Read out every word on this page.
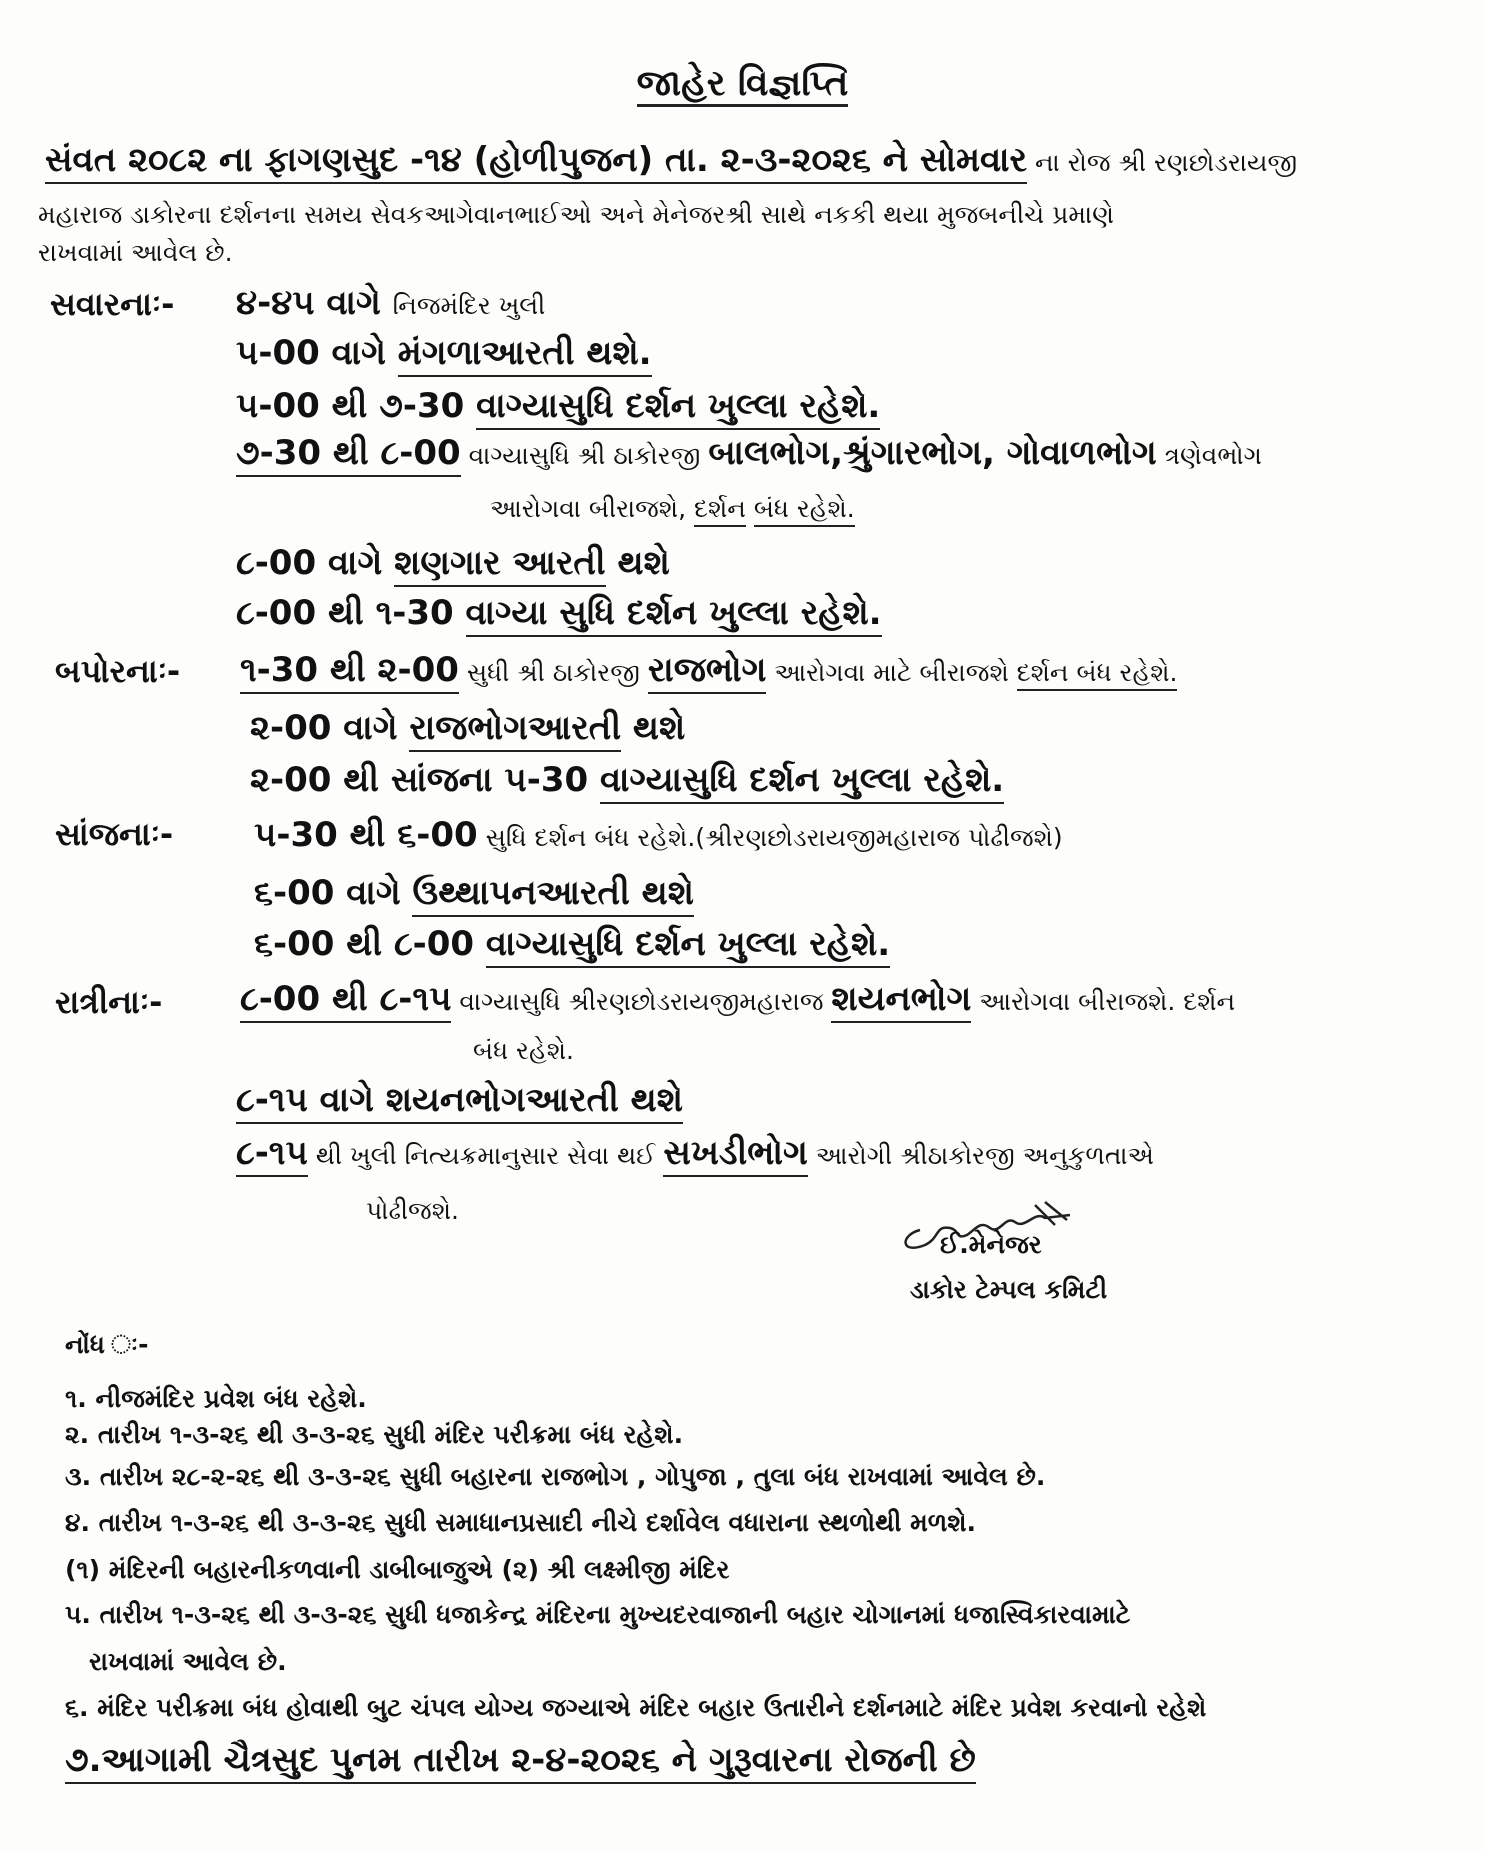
જાહેર વિજ્ઞપ્તિ
સંવત ૨૦૮૨ ના ફાગણસુદ -૧૪ (હોળીપુજન) તા. ૨-૩-૨૦૨૬ ને સોમવાર ના રોજ શ્રી રણછોડરાયજી
મહારાજ ડાકોરના દર્શનના સમય સેવકઆગેવાનભાઈઓ અને મેનેજરશ્રી સાથે નકકી થયા મુજબનીચે પ્રમાણે
રાખવામાં આવેલ છે.
સવારનાઃ-
બપોરનાઃ-
સાંજનાઃ-
રાત્રીનાઃ-
૪-૪૫ વાગે નિજમંદિર ખુલી
૫-00 વાગે મંગળાઆરતી થશે.
૫-00 થી ૭-30 વાગ્યાસુધિ દર્શન ખુલ્લા રહેશે.
૭-30 થી ૮-00 વાગ્યાસુધિ શ્રી ઠાકોરજી બાલભોગ,શ્રુંગારભોગ, ગોવાળભોગ ત્રણેવભોગ
આરોગવા બીરાજશે, દર્શન બંધ રહેશે.
૮-00 વાગે શણગાર આરતી થશે
૮-00 થી ૧-30 વાગ્યા સુધિ દર્શન ખુલ્લા રહેશે.
૧-30 થી ૨-00 સુધી શ્રી ઠાકોરજી રાજભોગ આરોગવા માટે બીરાજશે દર્શન બંધ રહેશે.
૨-00 વાગે રાજભોગઆરતી થશે
૨-00 થી સાંજના ૫-30 વાગ્યાસુધિ દર્શન ખુલ્લા રહેશે.
૫-30 થી ૬-00 સુધિ દર્શન બંધ રહેશે.(શ્રીરણછોડરાયજીમહારાજ પોઢીજશે)
૬-00 વાગે ઉથ્થાપનઆરતી થશે
૬-00 થી ૮-00 વાગ્યાસુધિ દર્શન ખુલ્લા રહેશે.
૮-00 થી ૮-૧૫ વાગ્યાસુધિ શ્રીરણછોડરાયજીમહારાજ શયનભોગ આરોગવા બીરાજશે. દર્શન
બંધ રહેશે.
૮-૧૫ વાગે શયનભોગઆરતી થશે
૮-૧૫ થી ખુલી નિત્યક્રમાનુસાર સેવા થઈ સખડીભોગ આરોગી શ્રીઠાકોરજી અનુકુળતાએ
પોઢીજશે.
ઈ.મેનેજર
ડાકોર ટેમ્પલ કમિટી
નોંધ ઃ-
૧. નીજમંદિર પ્રવેશ બંધ રહેશે.
૨. તારીખ ૧-૩-૨૬ થી ૩-૩-૨૬ સુધી મંદિર પરીક્રમા બંધ રહેશે.
૩. તારીખ ૨૮-૨-૨૬ થી ૩-૩-૨૬ સુધી બહારના રાજભોગ , ગોપુજા , તુલા બંધ રાખવામાં આવેલ છે.
૪. તારીખ ૧-૩-૨૬ થી ૩-૩-૨૬ સુધી સમાધાનપ્રસાદી નીચે દર્શાવેલ વધારાના સ્થળોથી મળશે.
(૧) મંદિરની બહારનીકળવાની ડાબીબાજુએ (૨) શ્રી લક્ષ્મીજી મંદિર
૫. તારીખ ૧-૩-૨૬ થી ૩-૩-૨૬ સુધી ધજાકેન્દ્ર મંદિરના મુખ્યદરવાજાની બહાર ચોગાનમાં ધજાસ્વિકારવામાટે
રાખવામાં આવેલ છે.
૬. મંદિર પરીક્રમા બંધ હોવાથી બુટ ચંપલ યોગ્ય જગ્યાએ મંદિર બહાર ઉતારીને દર્શનમાટે મંદિર પ્રવેશ કરવાનો રહેશે
૭.આગામી ચૈત્રસુદ પુનમ તારીખ ૨-૪-૨૦૨૬ ને ગુરૂવારના રોજની છે
